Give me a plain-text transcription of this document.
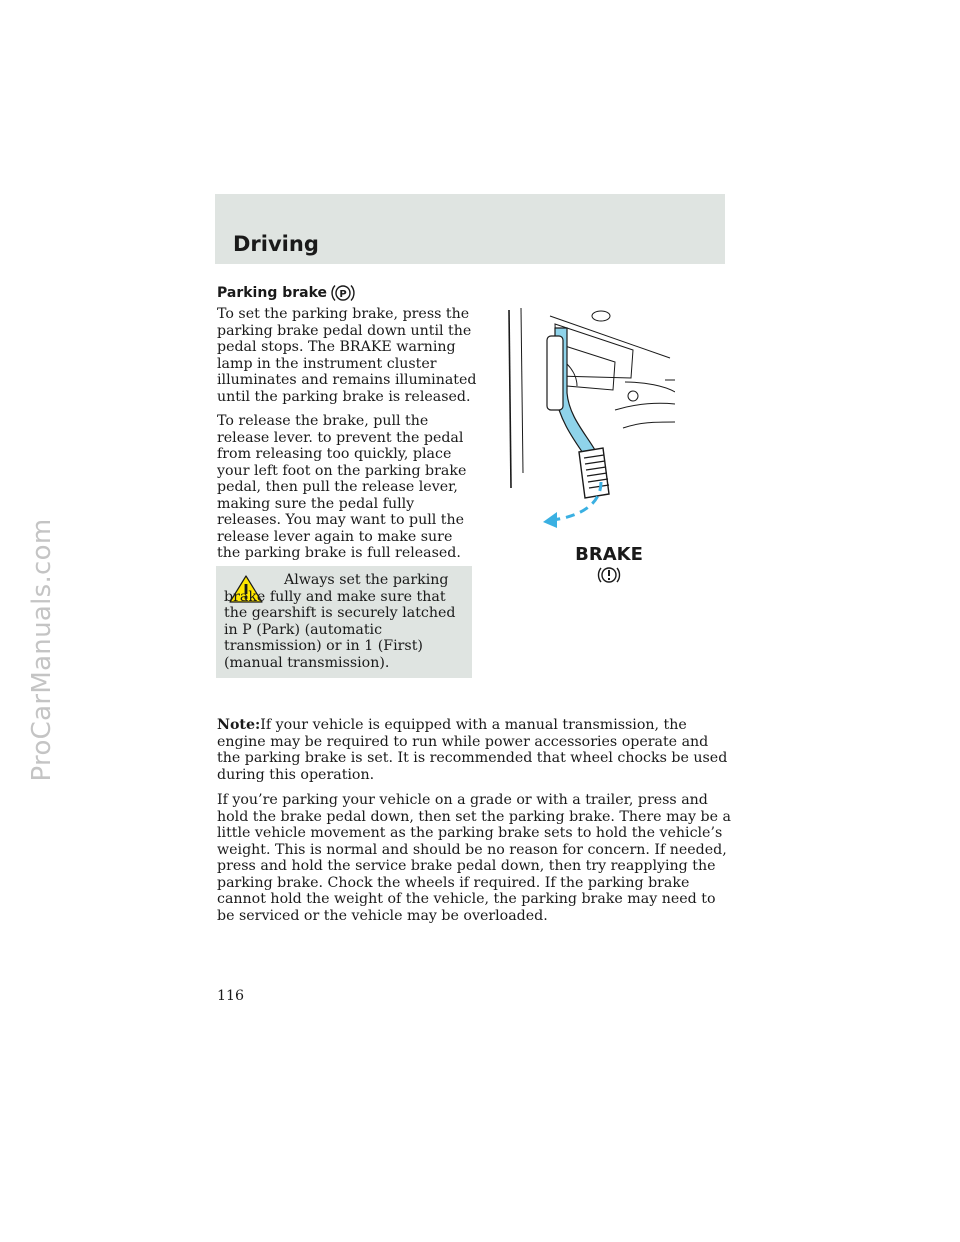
ProCarManuals.com
Driving
Parking brake P

To set the parking brake, press the parking brake pedal down until the pedal stops. The BRAKE warning lamp in the instrument cluster illuminates and remains illuminated until the parking brake is released.

To release the brake, pull the release lever. to prevent the pedal from releasing too quickly, place your left foot on the parking brake pedal, then pull the release lever, making sure the pedal fully releases. You may want to pull the release lever again to make sure the parking brake is full released.

Always set the parking brake fully and make sure that the gearshift is securely latched in P (Park) (automatic transmission) or in 1 (First) (manual transmission).
BRAKE

Note:If your vehicle is equipped with a manual transmission, the engine may be required to run while power accessories operate and the parking brake is set. It is recommended that wheel chocks be used during this operation.

If you’re parking your vehicle on a grade or with a trailer, press and hold the brake pedal down, then set the parking brake. There may be a little vehicle movement as the parking brake sets to hold the vehicle’s weight. This is normal and should be no reason for concern. If needed, press and hold the service brake pedal down, then try reapplying the parking brake. Chock the wheels if required. If the parking brake cannot hold the weight of the vehicle, the parking brake may need to be serviced or the vehicle may be overloaded.

116
